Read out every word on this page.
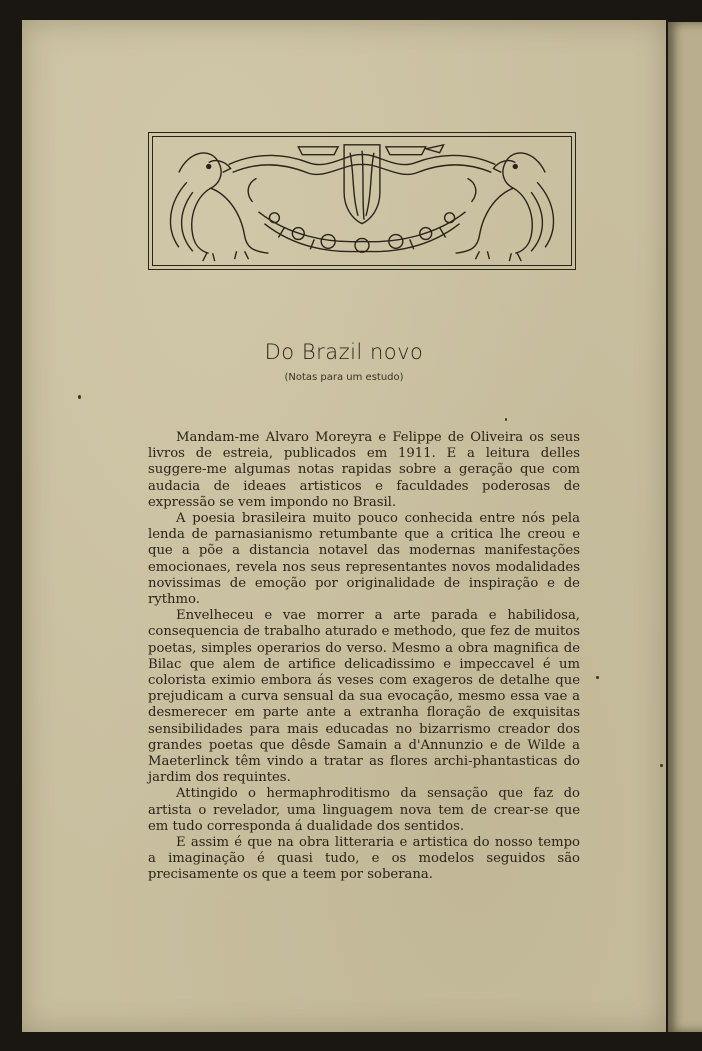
Do Brazil novo

(Notas para um estudo)

Mandam-me Alvaro Moreyra e Felippe de Oliveira os seus livros de estreia, publicados em 1911. E a leitura delles suggere-me algumas notas rapidas sobre a geração que com audacia de ideaes artisticos e faculdades poderosas de expressão se vem impondo no Brasil.

A poesia brasileira muito pouco conhecida entre nós pela lenda de parnasianismo retumbante que a critica lhe creou e que a põe a distancia notavel das modernas manifestações emocionaes, revela nos seus representantes novos modalidades novissimas de emoção por originalidade de inspiração e de rythmo.

Envelheceu e vae morrer a arte parada e habilidosa, consequencia de trabalho aturado e methodo, que fez de muitos poetas, simples operarios do verso. Mesmo a obra magnifica de Bilac que alem de artifice delicadissimo e impeccavel é um colorista eximio embora ás veses com exageros de detalhe que prejudicam a curva sensual da sua evocação, mesmo essa vae a desmerecer em parte ante a extranha floração de exquisitas sensibilidades para mais educadas no bizarrismo creador dos grandes poetas que dêsde Samain a d'Annunzio e de Wilde a Maeterlinck têm vindo a tratar as flores archi-phantasticas do jardim dos requintes.

Attingido o hermaphroditismo da sensação que faz do artista o revelador, uma linguagem nova tem de crear-se que em tudo corresponda á dualidade dos sentidos.

E assim é que na obra litteraria e artistica do nosso tempo a imaginação é quasi tudo, e os modelos seguidos são precisamente os que a teem por soberana.
